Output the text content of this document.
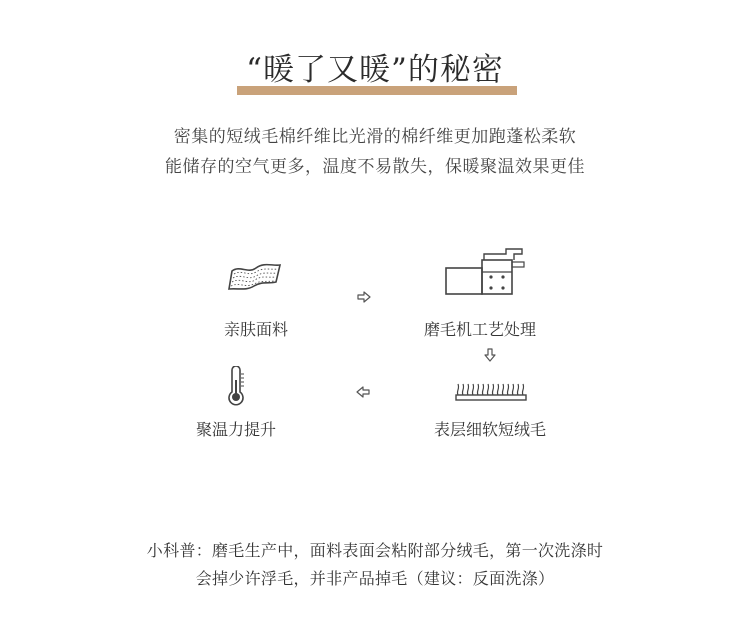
“暖了又暖”的秘密
密集的短绒毛棉纤维比光滑的棉纤维更加跑蓬松柔软
能储存的空气更多，温度不易散失，保暖聚温效果更佳
亲肤面料	磨毛机工艺处理
表层细软短绒毛
聚温力提升
小科普：磨毛生产中，面料表面会粘附部分绒毛，第一次洗涤时
会掉少许浮毛，并非产品掉毛（建议：反面洗涤）
